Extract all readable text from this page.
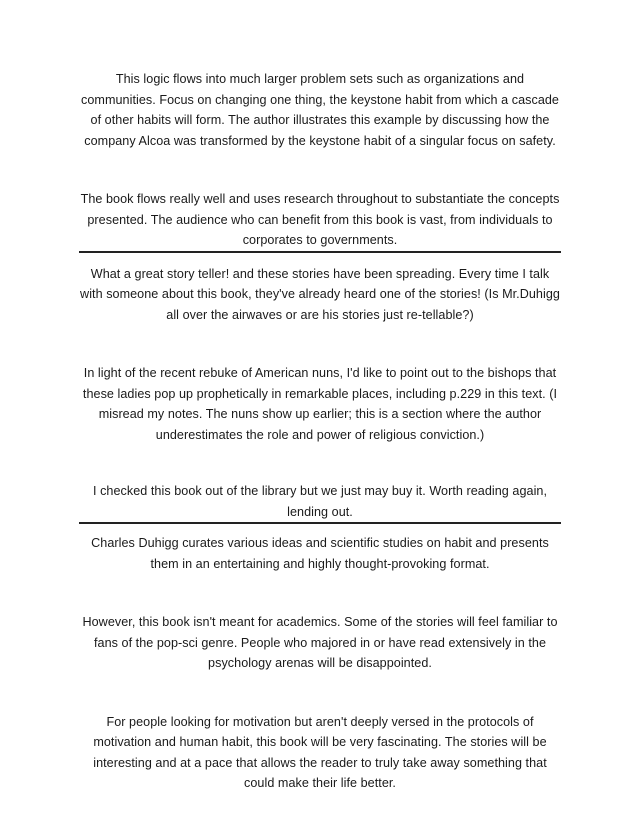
This logic flows into much larger problem sets such as organizations and communities. Focus on changing one thing, the keystone habit from which a cascade of other habits will form. The author illustrates this example by discussing how the company Alcoa was transformed by the keystone habit of a singular focus on safety.

The book flows really well and uses research throughout to substantiate the concepts presented. The audience who can benefit from this book is vast, from individuals to corporates to governments.

What a great story teller! and these stories have been spreading. Every time I talk with someone about this book, they've already heard one of the stories! (Is Mr.Duhigg all over the airwaves or are his stories just re-tellable?)

In light of the recent rebuke of American nuns, I'd like to point out to the bishops that these ladies pop up prophetically in remarkable places, including p.229 in this text. (I misread my notes. The nuns show up earlier; this is a section where the author underestimates the role and power of religious conviction.)

I checked this book out of the library but we just may buy it. Worth reading again, lending out.

Charles Duhigg curates various ideas and scientific studies on habit and presents them in an entertaining and highly thought-provoking format.

However, this book isn't meant for academics. Some of the stories will feel familiar to fans of the pop-sci genre. People who majored in or have read extensively in the psychology arenas will be disappointed.

For people looking for motivation but aren't deeply versed in the protocols of motivation and human habit, this book will be very fascinating. The stories will be interesting and at a pace that allows the reader to truly take away something that could make their life better.
